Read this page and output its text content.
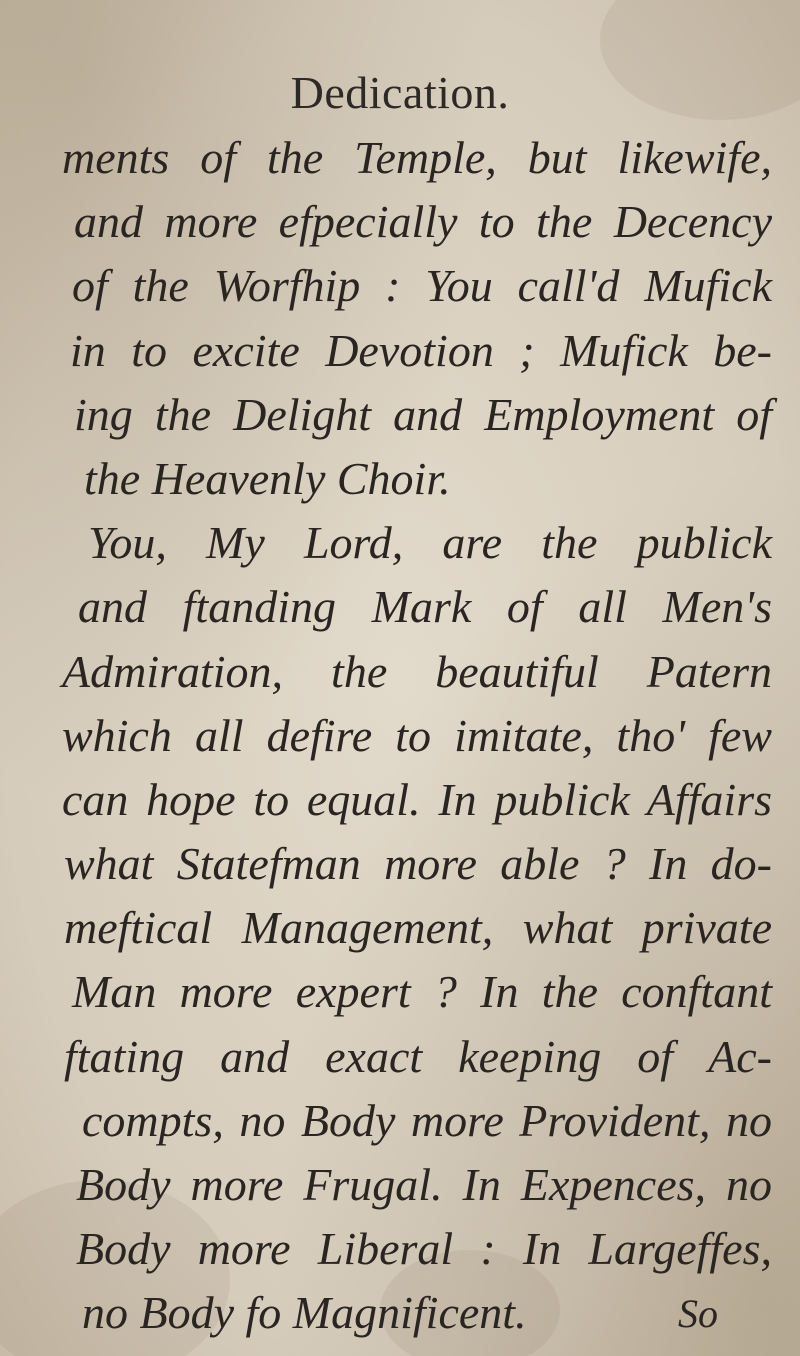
Dedication.
ments of the Temple, but likewife,
and more efpecially to the Decency
of the Worfhip : You call'd Mufick
in to excite Devotion ; Mufick be-
ing the Delight and Employment of
the Heavenly Choir.
You, My Lord, are the publick
and ftanding Mark of all Men's
Admiration, the beautiful Patern
which all defire to imitate, tho' few
can hope to equal. In publick Affairs
what Statefman more able ? In do-
meftical Management, what private
Man more expert ? In the conftant
ftating and exact keeping of Ac-
compts, no Body more Provident, no
Body more Frugal. In Expences, no
Body more Liberal : In Largeffes,
no Body fo Magnificent.	So
